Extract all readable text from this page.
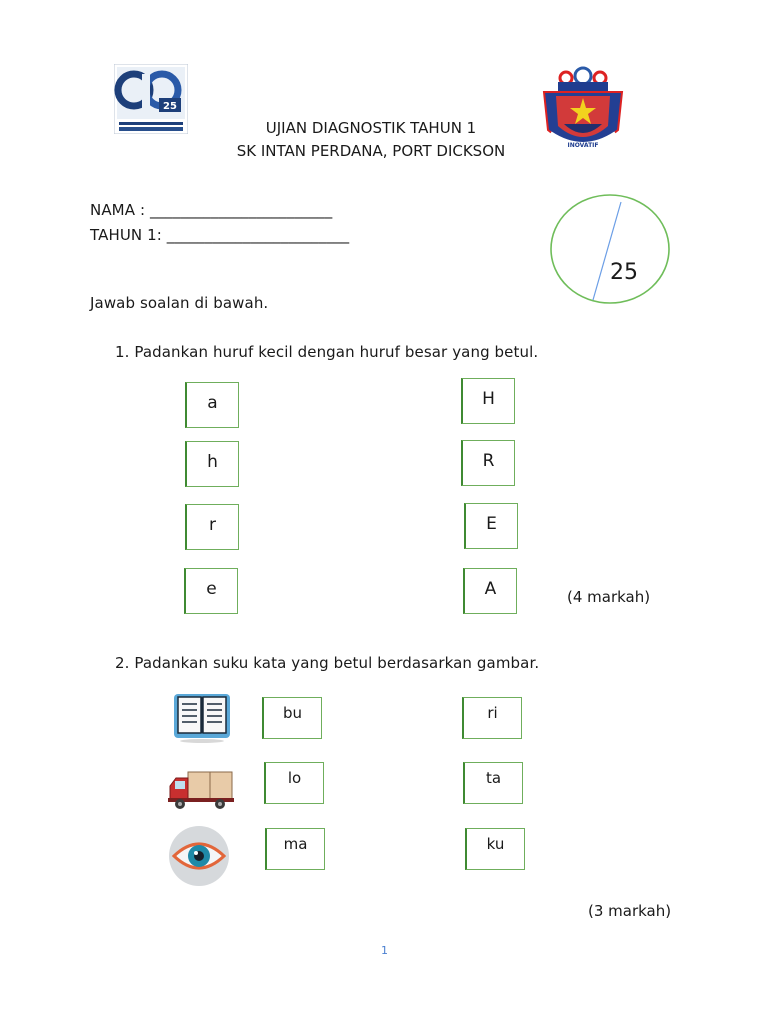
25
INOVATIF
UJIAN DIAGNOSTIK TAHUN 1
SK INTAN PERDANA, PORT DICKSON
NAMA : ________________________
TAHUN 1: ________________________
25
Jawab soalan di bawah.
1. Padankan huruf kecil dengan huruf besar yang betul.
a
h
r
e
H
R
E
A	(4 markah)
2. Padankan suku kata yang betul berdasarkan gambar.
bu
lo
ma
ri
ta
ku
(3 markah)
1
